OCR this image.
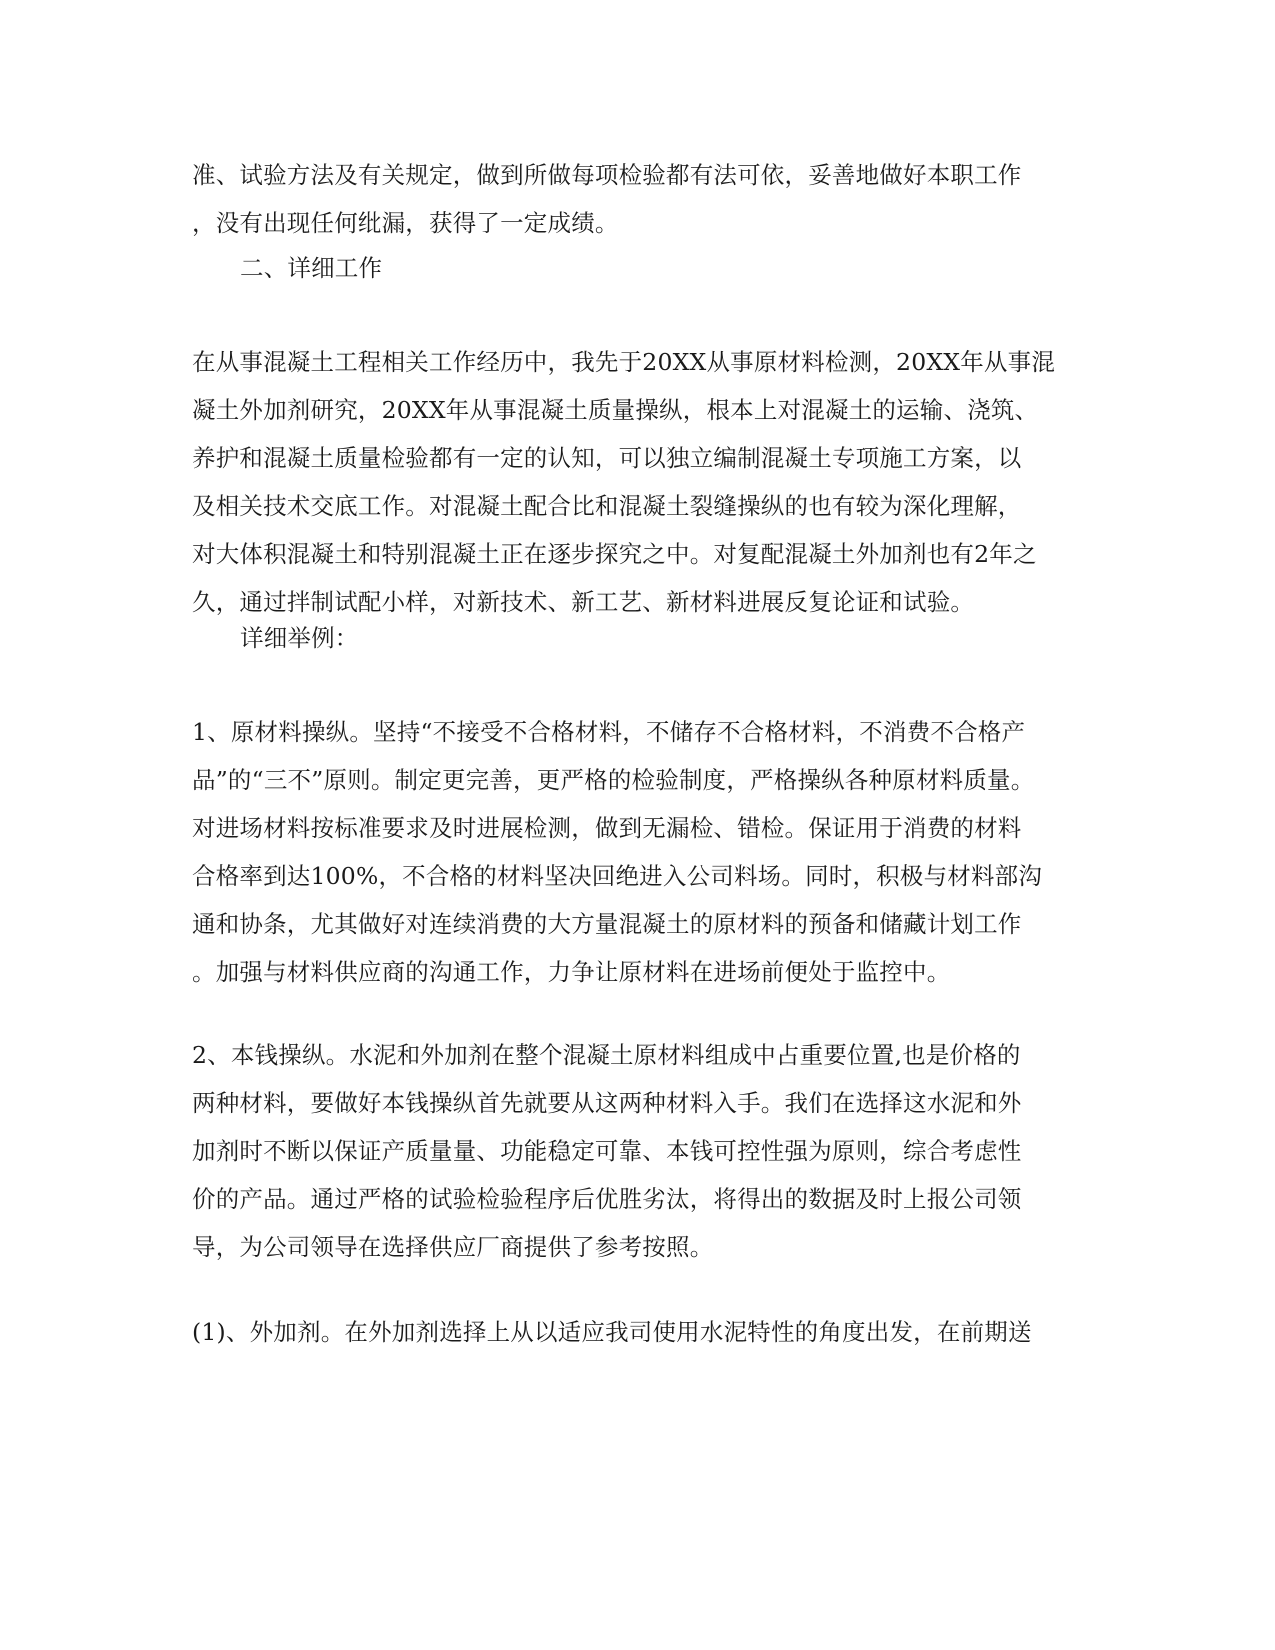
准、试验方法及有关规定，做到所做每项检验都有法可依，妥善地做好本职工作
，没有出现任何纰漏，获得了一定成绩。
二、详细工作
在从事混凝土工程相关工作经历中，我先于20XX从事原材料检测，20XX年从事混
凝土外加剂研究，20XX年从事混凝土质量操纵，根本上对混凝土的运输、浇筑、
养护和混凝土质量检验都有一定的认知，可以独立编制混凝土专项施工方案，以
及相关技术交底工作。对混凝土配合比和混凝土裂缝操纵的也有较为深化理解，
对大体积混凝土和特别混凝土正在逐步探究之中。对复配混凝土外加剂也有2年之
久，通过拌制试配小样，对新技术、新工艺、新材料进展反复论证和试验。
详细举例：
1、原材料操纵。坚持“不接受不合格材料，不储存不合格材料，不消费不合格产
品”的“三不”原则。制定更完善，更严格的检验制度，严格操纵各种原材料质量。
对进场材料按标准要求及时进展检测，做到无漏检、错检。保证用于消费的材料
合格率到达100%，不合格的材料坚决回绝进入公司料场。同时，积极与材料部沟
通和协条，尤其做好对连续消费的大方量混凝土的原材料的预备和储藏计划工作
。加强与材料供应商的沟通工作，力争让原材料在进场前便处于监控中。
2、本钱操纵。水泥和外加剂在整个混凝土原材料组成中占重要位置,也是价格的
两种材料，要做好本钱操纵首先就要从这两种材料入手。我们在选择这水泥和外
加剂时不断以保证产质量量、功能稳定可靠、本钱可控性强为原则，综合考虑性
价的产品。通过严格的试验检验程序后优胜劣汰，将得出的数据及时上报公司领
导，为公司领导在选择供应厂商提供了参考按照。
(1)、外加剂。在外加剂选择上从以适应我司使用水泥特性的角度出发，在前期送
